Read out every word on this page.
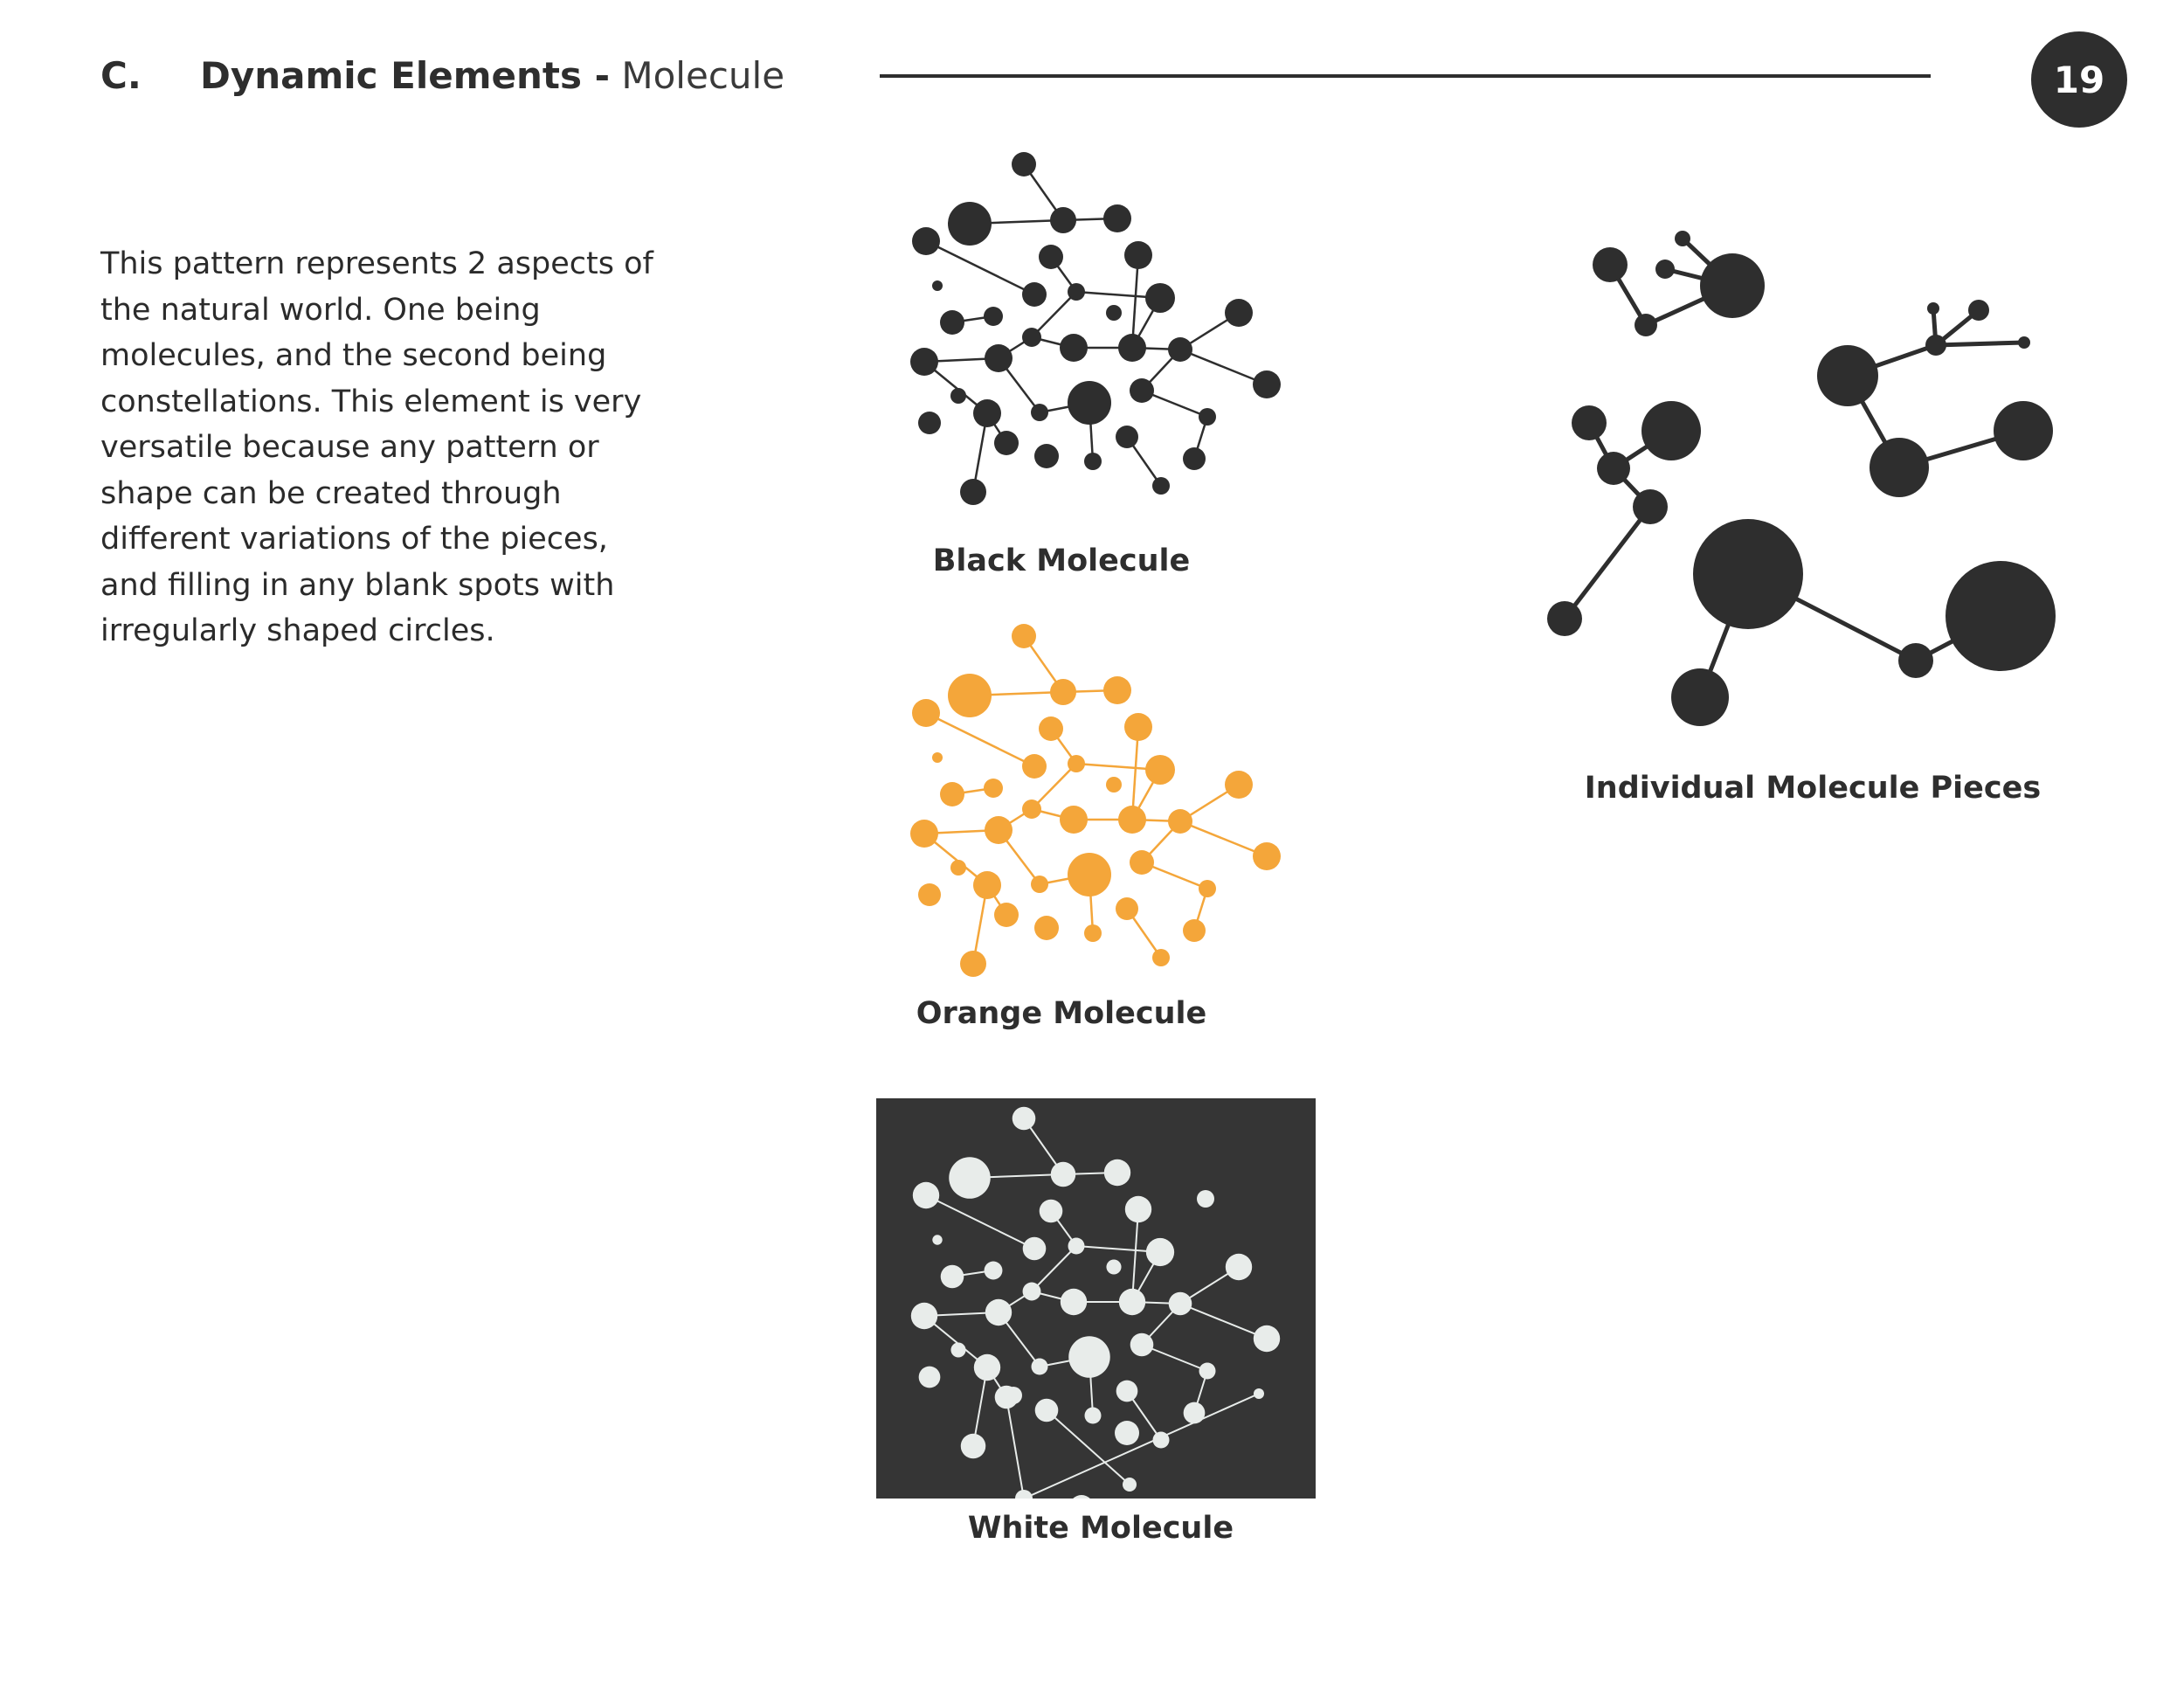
C. Dynamic Elements - Molecule	19

This pattern represents 2 aspects of the natural world. One being molecules, and the second being constellations. This element is very versatile because any pattern or shape can be created through different variations of the pieces, and filling in any blank spots with irregularly shaped circles.

Black Molecule
Orange Molecule
White Molecule
Individual Molecule Pieces
